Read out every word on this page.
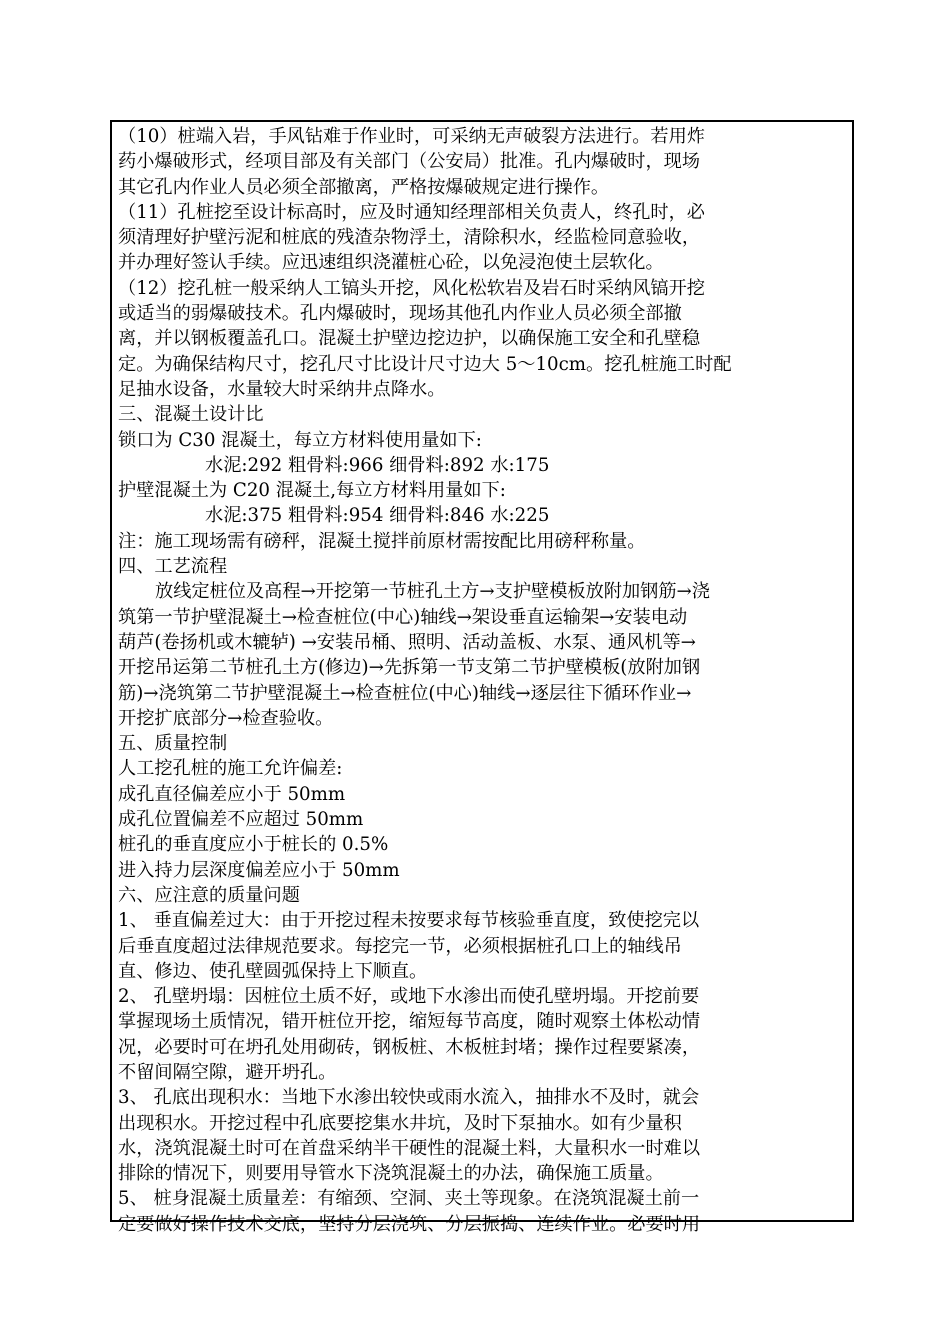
（10）桩端入岩，手风钻难于作业时，可采纳无声破裂方法进行。若用炸
药小爆破形式，经项目部及有关部门（公安局）批准。孔内爆破时，现场
其它孔内作业人员必须全部撤离，严格按爆破规定进行操作。
（11）孔桩挖至设计标高时，应及时通知经理部相关负责人，终孔时，必
须清理好护壁污泥和桩底的残渣杂物浮土，清除积水，经监检同意验收，
并办理好签认手续。应迅速组织浇灌桩心砼，以免浸泡使土层软化。
（12）挖孔桩一般采纳人工镐头开挖，风化松软岩及岩石时采纳风镐开挖
或适当的弱爆破技术。孔内爆破时，现场其他孔内作业人员必须全部撤
离，并以钢板覆盖孔口。混凝土护壁边挖边护，以确保施工安全和孔壁稳
定。为确保结构尺寸，挖孔尺寸比设计尺寸边大 5～10cm。挖孔桩施工时配
足抽水设备，水量较大时采纳井点降水。
三、混凝土设计比
锁口为 C30 混凝土，每立方材料使用量如下:
水泥:292 粗骨料:966 细骨料:892 水:175
护壁混凝土为 C20 混凝土,每立方材料用量如下:
水泥:375 粗骨料:954 细骨料:846 水:225
注：施工现场需有磅秤，混凝土搅拌前原材需按配比用磅秤称量。
四、工艺流程
放线定桩位及高程→开挖第一节桩孔土方→支护壁模板放附加钢筋→浇
筑第一节护壁混凝土→检查桩位(中心)轴线→架设垂直运输架→安装电动
葫芦(卷扬机或木辘轳) →安装吊桶、照明、活动盖板、水泵、通风机等→
开挖吊运第二节桩孔土方(修边)→先拆第一节支第二节护壁模板(放附加钢
筋)→浇筑第二节护壁混凝土→检查桩位(中心)轴线→逐层往下循环作业→
开挖扩底部分→检查验收。
五、质量控制
人工挖孔桩的施工允许偏差:
成孔直径偏差应小于 50mm
成孔位置偏差不应超过 50mm
桩孔的垂直度应小于桩长的 0.5%
进入持力层深度偏差应小于 50mm
六、应注意的质量问题
1、 垂直偏差过大：由于开挖过程未按要求每节核验垂直度，致使挖完以
后垂直度超过法律规范要求。每挖完一节，必须根据桩孔口上的轴线吊
直、修边、使孔壁圆弧保持上下顺直。
2、 孔壁坍塌：因桩位土质不好，或地下水渗出而使孔壁坍塌。开挖前要
掌握现场土质情况，错开桩位开挖，缩短每节高度，随时观察土体松动情
况，必要时可在坍孔处用砌砖，钢板桩、木板桩封堵；操作过程要紧凑，
不留间隔空隙，避开坍孔。
3、 孔底出现积水：当地下水渗出较快或雨水流入，抽排水不及时，就会
出现积水。开挖过程中孔底要挖集水井坑，及时下泵抽水。如有少量积
水，浇筑混凝土时可在首盘采纳半干硬性的混凝土料，大量积水一时难以
排除的情况下，则要用导管水下浇筑混凝土的办法，确保施工质量。
5、 桩身混凝土质量差：有缩颈、空洞、夹土等现象。在浇筑混凝土前一
定要做好操作技术交底，坚持分层浇筑、分层振捣、连续作业。必要时用
